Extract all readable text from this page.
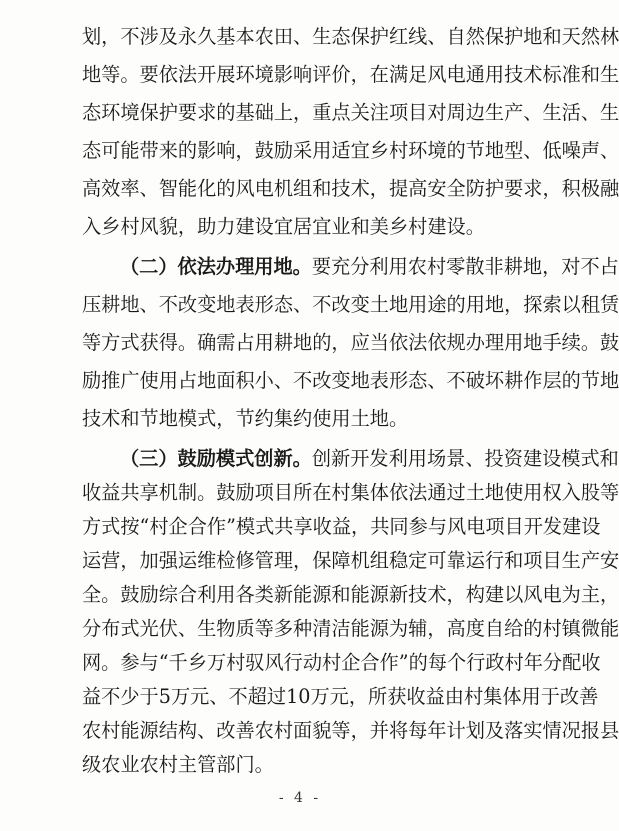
划，不涉及永久基本农田、生态保护红线、自然保护地和天然林
地等。要依法开展环境影响评价，在满足风电通用技术标准和生
态环境保护要求的基础上，重点关注项目对周边生产、生活、生
态可能带来的影响，鼓励采用适宜乡村环境的节地型、低噪声、
高效率、智能化的风电机组和技术，提高安全防护要求，积极融
入乡村风貌，助力建设宜居宜业和美乡村建设。
（二）依法办理用地。要充分利用农村零散非耕地，对不占
压耕地、不改变地表形态、不改变土地用途的用地，探索以租赁
等方式获得。确需占用耕地的，应当依法依规办理用地手续。鼓
励推广使用占地面积小、不改变地表形态、不破坏耕作层的节地
技术和节地模式，节约集约使用土地。
（三）鼓励模式创新。创新开发利用场景、投资建设模式和
收益共享机制。鼓励项目所在村集体依法通过土地使用权入股等
方式按“村企合作”模式共享收益，共同参与风电项目开发建设
运营，加强运维检修管理，保障机组稳定可靠运行和项目生产安
全。鼓励综合利用各类新能源和能源新技术，构建以风电为主，
分布式光伏、生物质等多种清洁能源为辅，高度自给的村镇微能
网。参与“千乡万村驭风行动村企合作”的每个行政村年分配收
益不少于5万元、不超过10万元，所获收益由村集体用于改善
农村能源结构、改善农村面貌等，并将每年计划及落实情况报县
级农业农村主管部门。
- 4 -
